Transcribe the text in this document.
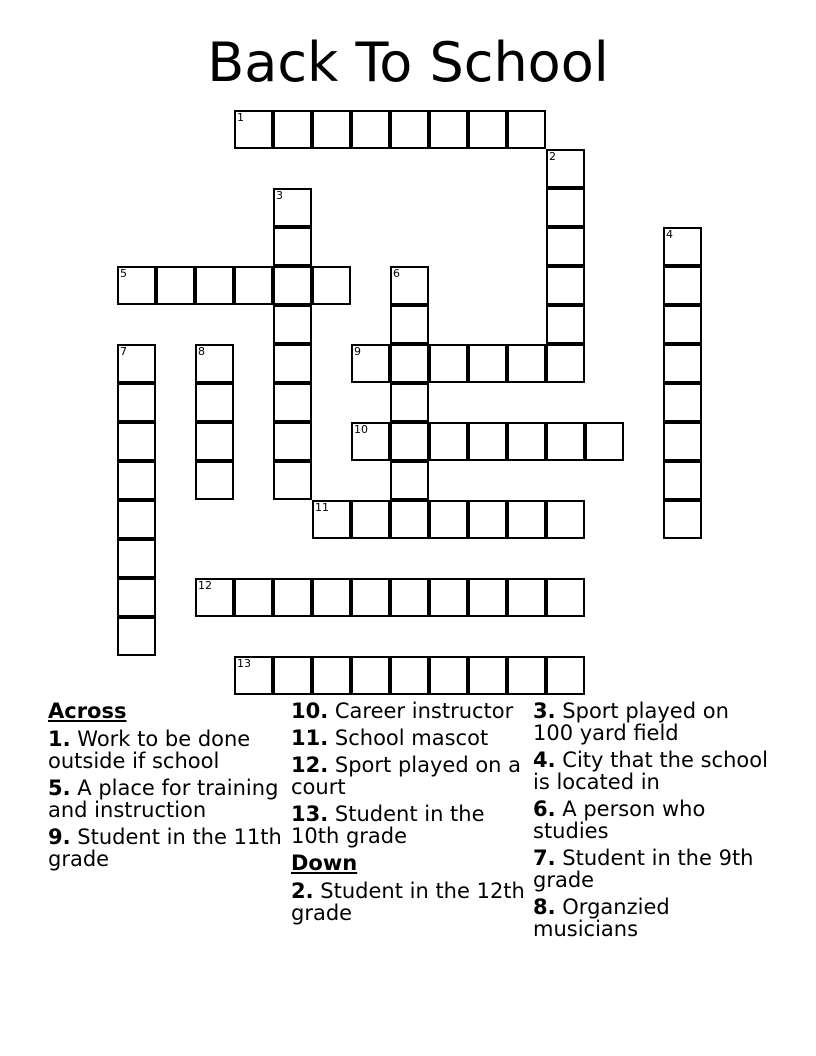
Back To School
1
2
3
4
5	6
7	8	9
10
11
12
13
Across
1. Work to be done outside if school
5. A place for training and instruction
9. Student in the 11th grade
10. Career instructor
11. School mascot
12. Sport played on a court
13. Student in the 10th grade
Down
2. Student in the 12th grade
3. Sport played on 100 yard field
4. City that the school is located in
6. A person who studies
7. Student in the 9th grade
8. Organzied musicians
